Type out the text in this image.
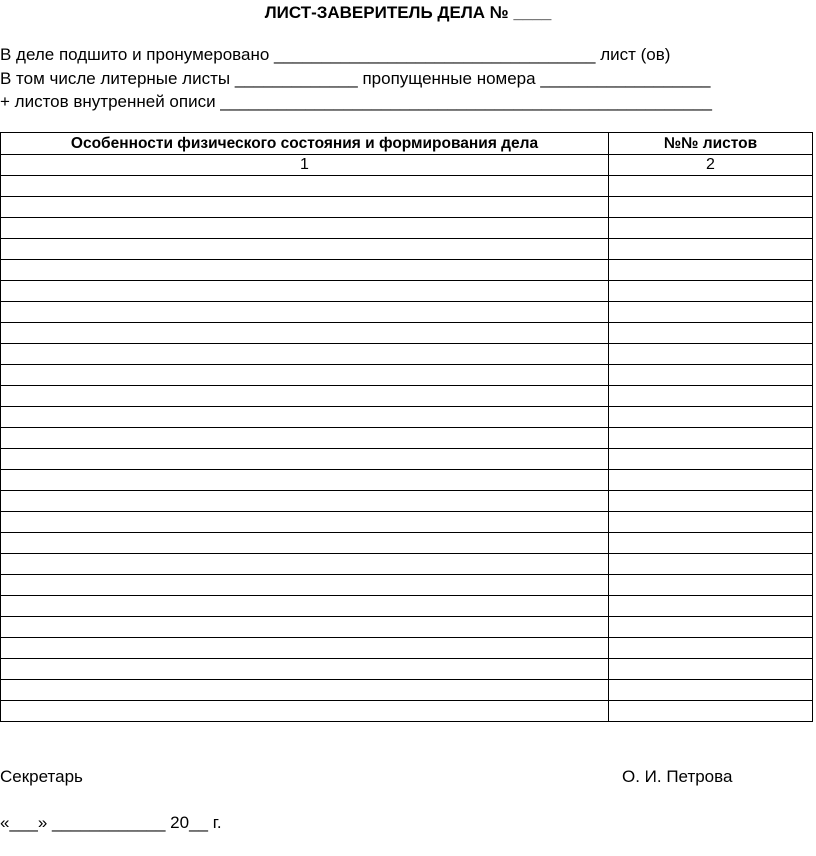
ЛИСТ-ЗАВЕРИТЕЛЬ ДЕЛА № ____
В деле подшито и пронумеровано __________________________________ лист (ов)
В том числе литерные листы _____________ пропущенные номера __________________
+ листов внутренней описи ____________________________________________________
Особенности физического состояния и формирования дела	№№ листов
1	2

Секретарь	О. И. Петрова
«___» ____________ 20__ г.
